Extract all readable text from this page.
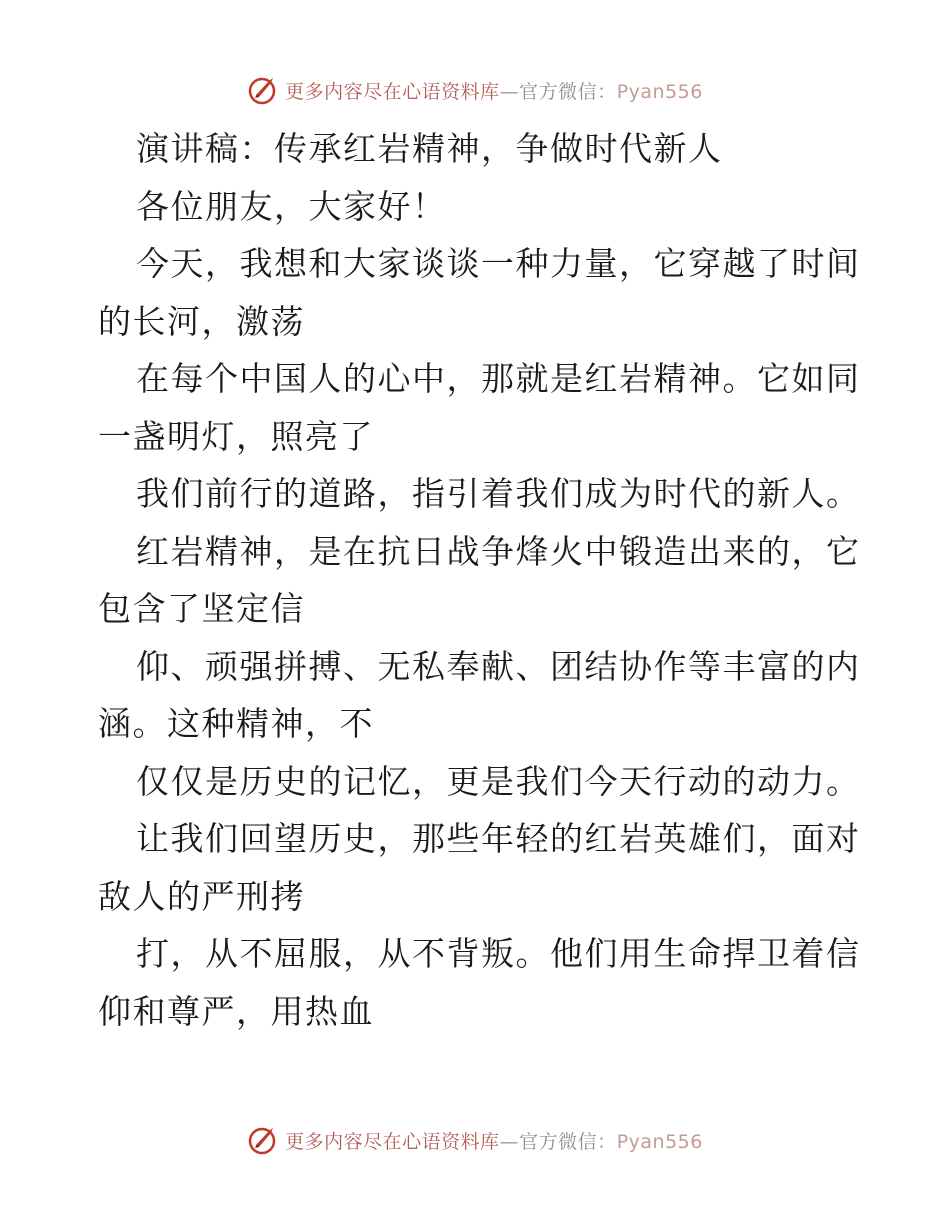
更多内容尽在心语资料库—官方微信：Pyan556
演讲稿：传承红岩精神，争做时代新人
各位朋友，大家好！
今天，我想和大家谈谈一种力量，它穿越了时间
的长河，激荡
在每个中国人的心中，那就是红岩精神。它如同
一盏明灯，照亮了
我们前行的道路，指引着我们成为时代的新人。
红岩精神，是在抗日战争烽火中锻造出来的，它
包含了坚定信
仰、顽强拼搏、无私奉献、团结协作等丰富的内
涵。这种精神，不
仅仅是历史的记忆，更是我们今天行动的动力。
让我们回望历史，那些年轻的红岩英雄们，面对
敌人的严刑拷
打，从不屈服，从不背叛。他们用生命捍卫着信
仰和尊严，用热血
更多内容尽在心语资料库—官方微信：Pyan556
